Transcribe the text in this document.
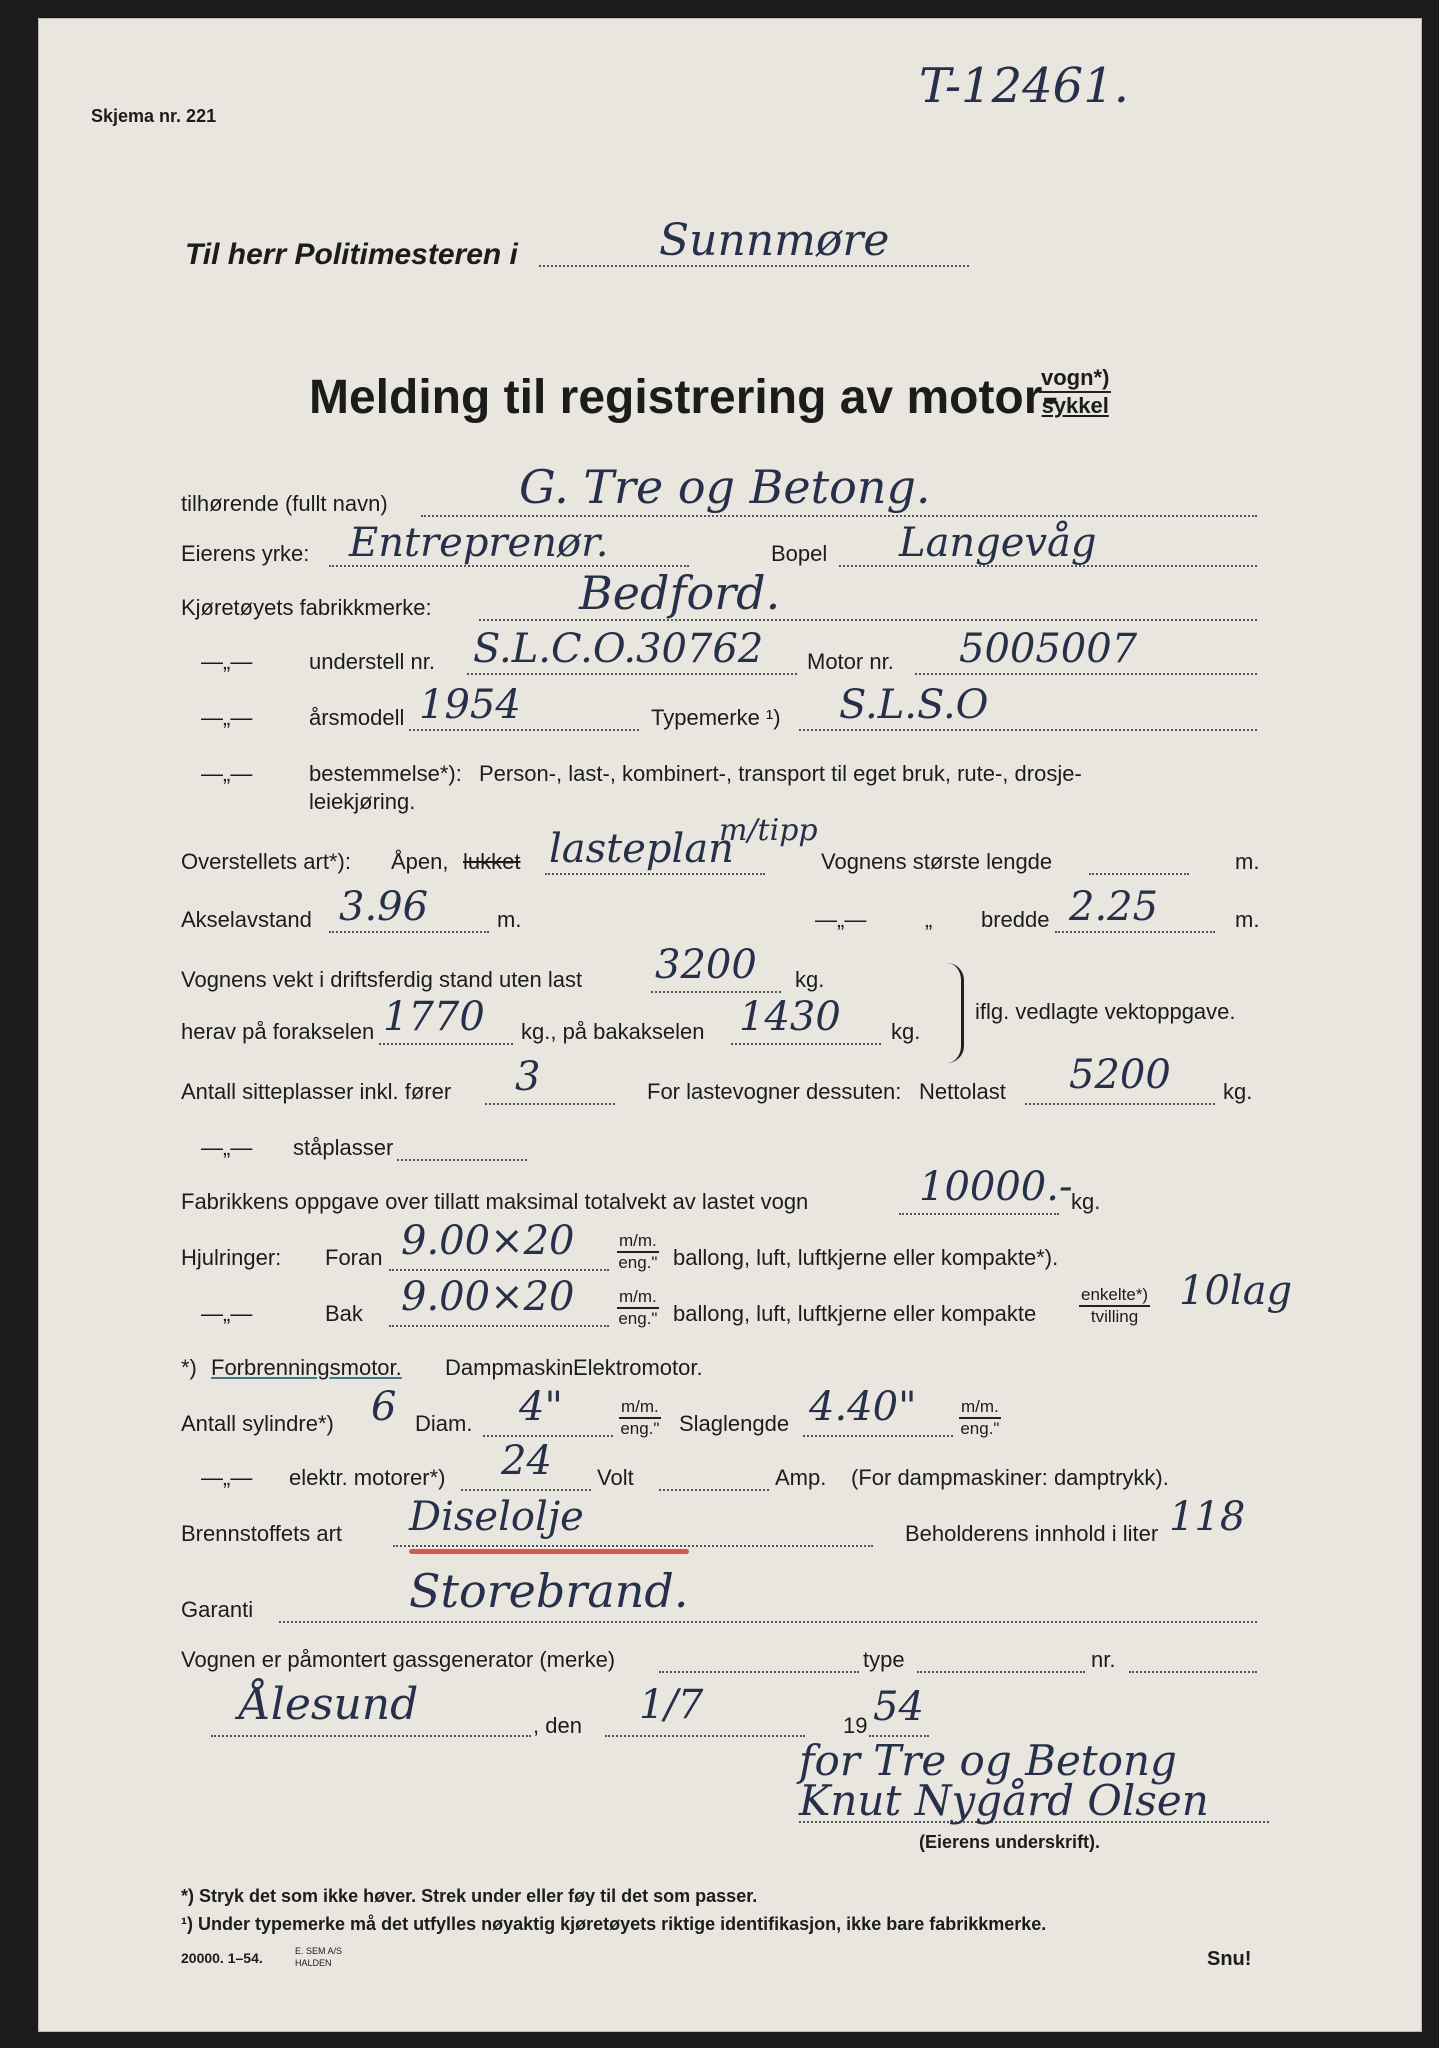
Skjema nr. 221
T-12461.
Til herr Politimesteren i	Sunnmøre
Melding til registrering av motor-
vogn*)
sykkel
tilhørende (fullt navn)	G. Tre og Betong.
Eierens yrke: Entreprenør.	Bopel Langevåg
Kjøretøyets fabrikkmerke:	Bedford.
—„—	understell nr. S.L.C.O.30762 Motor nr. 5005007
—„—	årsmodell 1954	Typemerke ¹) S.L.S.O
—„—	bestemmelse*): Person-, last-, kombinert-, transport til eget bruk, rute-, drosje-
leiekjøring.
m/tipp
Overstellets art*): Åpen, lukket lasteplan	Vognens største lengde	m.
Akselavstand 3.96	m.	—„—	„ bredde 2.25	m.
Vognens vekt i driftsferdig stand uten last 3200 kg.
herav på forakselen 1770 kg., på bakakselen 1430 kg.
iflg. vedlagte vektoppgave.
Antall sitteplasser inkl. fører 3	For lastevogner dessuten: Nettolast 5200 kg.
—„— ståplasser
Fabrikkens oppgave over tillatt maksimal totalvekt av lastet vogn	10000.-
kg.
Hjulringer: Foran 9.00×20	m/m.
eng." ballong, luft, luftkjerne eller kompakte*).
—„—	Bak 9.00×20	m/m.
eng." ballong, luft, luftkjerne eller kompakte
enkelte*)
tvilling
10lag
*) Forbrenningsmotor. Dampmaskin.
Elektromotor.
Antall sylindre*) 6 Diam. 4"	m/m.
eng." Slaglengde 4.40"	m/m.
eng."
—„— elektr. motorer*) 24 Volt	Amp. (For dampmaskiner: damptrykk).
Brennstoffets art Diselolje	Beholderens innhold i liter 118
Garanti	Storebrand.
Vognen er påmontert gassgenerator (merke)	type	nr.
Ålesund	, den 1/7	19 54
for Tre og Betong
Knut Nygård Olsen
(Eierens underskrift).
*) Stryk det som ikke høver. Strek under eller føy til det som passer.
¹) Under typemerke må det utfylles nøyaktig kjøretøyets riktige identifikasjon, ikke bare fabrikkmerke.
20000. 1–54.	E. SEM A/S HALDEN	Snu!
